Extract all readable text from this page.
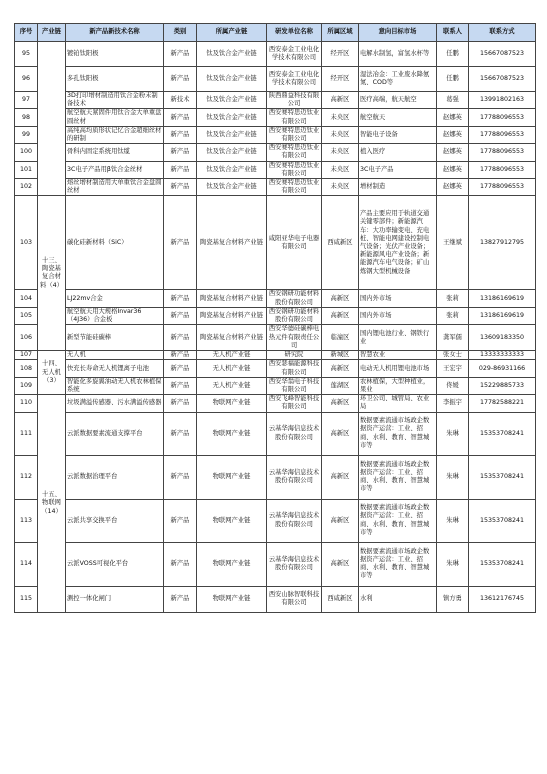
序号	产业链	新产品新技术名称	类别	所属产业链	研发单位名称	所属区域	意向目标市场	联系人	联系方式
95		镀铂钛阳极	新产品	钛及钛合金产业链	西安泰金工业电化学技术有限公司	经开区	电解水制氢，富氢水杯等	任鹏	15667087523
96		多孔钛阳极	新产品	钛及钛合金产业链	西安泰金工业电化学技术有限公司	经开区	湿法冶金：工业废水降氨氮、COD等	任鹏	15667087523
97		3D打印增材制造用钛合金粉末制备技术	新技术	钛及钛合金产业链	陕西鼎益科技有限公司	高新区	医疗高端，航天航空	葛强	13991802163
98		航空航天紧固件用钛合金大单重盘圆丝材	新产品	钛及钛合金产业链	西安赛特思迈钛业有限公司	未央区	航空航天	赵娜英	17788096553
99		高纯高均质形状记忆合金超细丝材的研制	新产品	钛及钛合金产业链	西安赛特思迈钛业有限公司	未央区	智能电子设备	赵娜英	17788096553
100		骨科内固定系统用钛缆	新产品	钛及钛合金产业链	西安赛特思迈钛业有限公司	未央区	植入医疗	赵娜英	17788096553
101		3C电子产品用β钛合金丝材	新产品	钛及钛合金产业链	西安赛特思迈钛业有限公司	未央区	3C电子产品	赵娜英	17788096553
102		熔丝增材制造用大单重钛合金盘圆丝材	新产品	钛及钛合金产业链	西安赛特思迈钛业有限公司	未央区	增材制造	赵娜英	17788096553
103	十三、陶瓷基复合材料（4）	碳化硅新材料（SiC）	新产品	陶瓷基复合材料产业链	咸阳亚华电子电器有限公司	西咸新区	产品主要应用于轨道交通关键零部件；新能源汽车：大功率输变电、充电桩、智能电网建设控制电气设备；光伏产业设备；新能源风电产业设备；新能源汽车电气设备；矿山炼钢大型机械设备	王继斌	13827912795
104		LJ22mv合金	新产品	陶瓷基复合材料产业链	西安钢研功能材料股份有限公司	高新区	国内外市场	张莉	13186169619
105		航空航天用大规格Invar36（4J36）合金板	新产品	陶瓷基复合材料产业链	西安钢研功能材料股份有限公司	高新区	国内外市场	张莉	13186169619
106		新型节能硅碳棒	新产品	陶瓷基复合材料产业链	西安华德硅碳棒电热元件有限责任公司	临潼区	国内锂电池行业、钢铁行业	龚军儒	13609183350
107	十四、无人机（3）	无人机	新产品	无人机产业链	研究院	新城区	智慧农业	张女士	13333333333
108		快充长寿命无人机锂离子电池	新产品	无人机产业链	西安瑟福能源科技有限公司	高新区	电动无人机用锂电池市场	王宏宇	029-86931166
109		智能化多旋翼油动无人机农林植保系统	新产品	无人机产业链	西安华翁电子科技有限公司	莲湖区	农林植保，大型种植业，果业	佟媛	15229885733
110	十五、物联网（14）	垃圾满溢传感器、污水满溢传感器	新产品	物联网产业链	西安飞峰智能科技有限公司	高新区	环卫公司、城管局、农业局	李振宇	17782588221
111		云派数据要素流通支撑平台	新产品	物联网产业链	云基华海信息技术股份有限公司	高新区	数据要素流通市场政企数据资产运营：工业、招商、水利、教育、智慧城市等	朱琳	15353708241
112		云派数据治理平台	新产品	物联网产业链	云基华海信息技术股份有限公司	高新区	数据要素流通市场政企数据资产运营：工业、招商、水利、教育、智慧城市等	朱琳	15353708241
113		云派共享交换平台	新产品	物联网产业链	云基华海信息技术股份有限公司	高新区	数据要素流通市场政企数据资产运营：工业、招商、水利、教育、智慧城市等	朱琳	15353708241
114		云派VOSS可视化平台	新产品	物联网产业链	云基华海信息技术股份有限公司	高新区	数据要素流通市场政企数据资产运营：工业、招商、水利、教育、智慧城市等	朱琳	15353708241
115		测控一体化闸门	新产品	物联网产业链	西安山脉智联科技有限公司	西咸新区	水利	镇方勇	13612176745
